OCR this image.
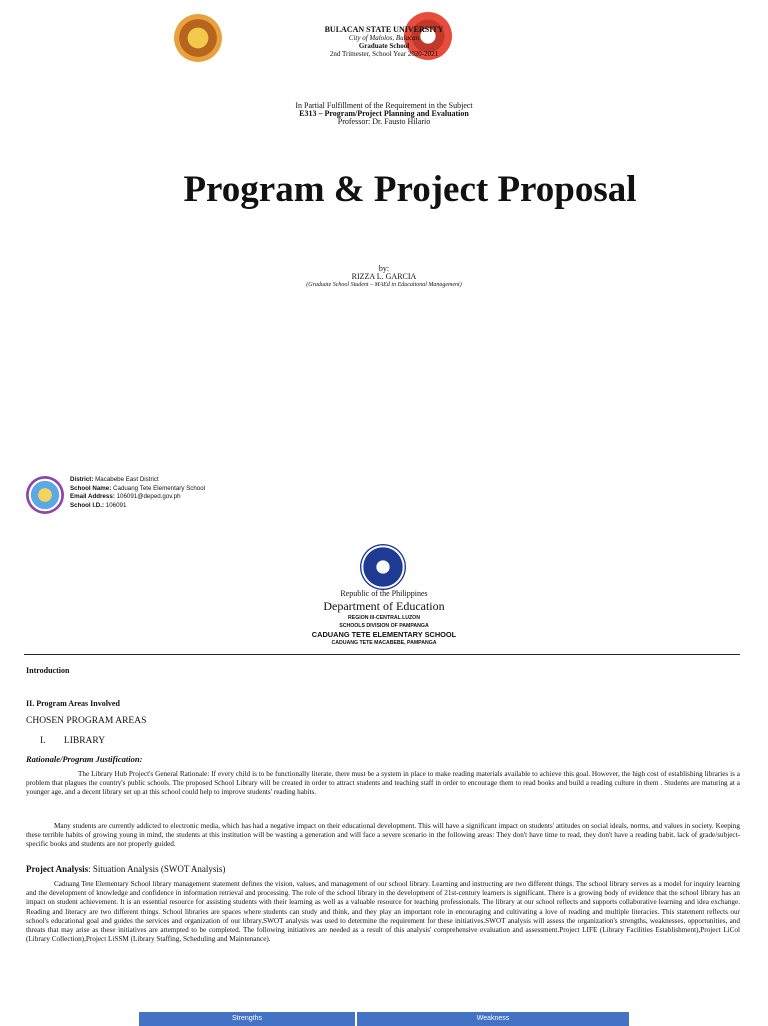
BULACAN STATE UNIVERSITY
City of Malolos, Bulacan
Graduate School
2nd Trimester, School Year 2020-2021
In Partial Fulfillment of the Requirement in the Subject
E313 – Program/Project Planning and Evaluation
Professor: Dr. Fausto Hilario
Program & Project Proposal
by:
RIZZA L. GARCIA
(Graduate School Student – MAEd in Educational Management)
District: Macabebe East District
School Name: Caduang Tete Elementary School
Email Address: 106091@deped.gov.ph
School I.D.: 106091
Republic of the Philippines
Department of Education
REGION III-CENTRAL LUZON
SCHOOLS DIVISION OF PAMPANGA
CADUANG TETE ELEMENTARY SCHOOL
CADUANG TETE MACABEBE, PAMPANGA
Introduction
II. Program Areas Involved
CHOSEN PROGRAM AREAS
I. LIBRARY
Rationale/Program Justification:
The Library Hub Project's General Rationale: If every child is to be functionally literate, there must be a system in place to make reading materials available to achieve this goal. However, the high cost of establishing libraries is a problem that plagues the country's public schools. The proposed School Library will be created in order to attract students and teaching staff in order to encourage them to read books and build a reading culture in them . Students are maturing at a younger age, and a decent library set up at this school could help to improve students' reading habits.
Many students are currently addicted to electronic media, which has had a negative impact on their educational development. This will have a significant impact on students' attitudes on social ideals, norms, and values in society. Keeping these terrible habits of growing young in mind, the students at this institution will be wasting a generation and will face a severe scenario in the following areas: They don't have time to read, they don't have a reading habit, lack of grade/subject-specific books and students are not properly guided.
Project Analysis: Situation Analysis (SWOT Analysis)
Caduang Tete Elementary School library management statement defines the vision, values, and management of our school library. Learning and instructing are two different things. The school library serves as a model for inquiry learning and the development of knowledge and confidence in information retrieval and processing. The role of the school library in the development of 21st-century learners is significant. There is a growing body of evidence that the school library has an impact on student achievement. It is an essential resource for assisting students with their learning as well as a valuable resource for teaching professionals. The library at our school reflects and supports collaborative learning and idea exchange. Reading and literacy are two different things. School libraries are spaces where students can study and think, and they play an important role in encouraging and cultivating a love of reading and multiple literacies. This statement reflects our school's educational goal and guides the services and organization of our library.SWOT analysis was used to determine the requirement for these initiatives.SWOT analysis will assess the organization's strengths, weaknesses, opportunities, and threats that may arise as these initiatives are attempted to be completed. The following initiatives are needed as a result of this analysis' comprehensive evaluation and assessment.Project LIFE (Library Facilities Establishment),Project LiCol (Library Collection),Project LiSSM (Library Staffing, Scheduling and Maintenance).
Strengths	Weakness
